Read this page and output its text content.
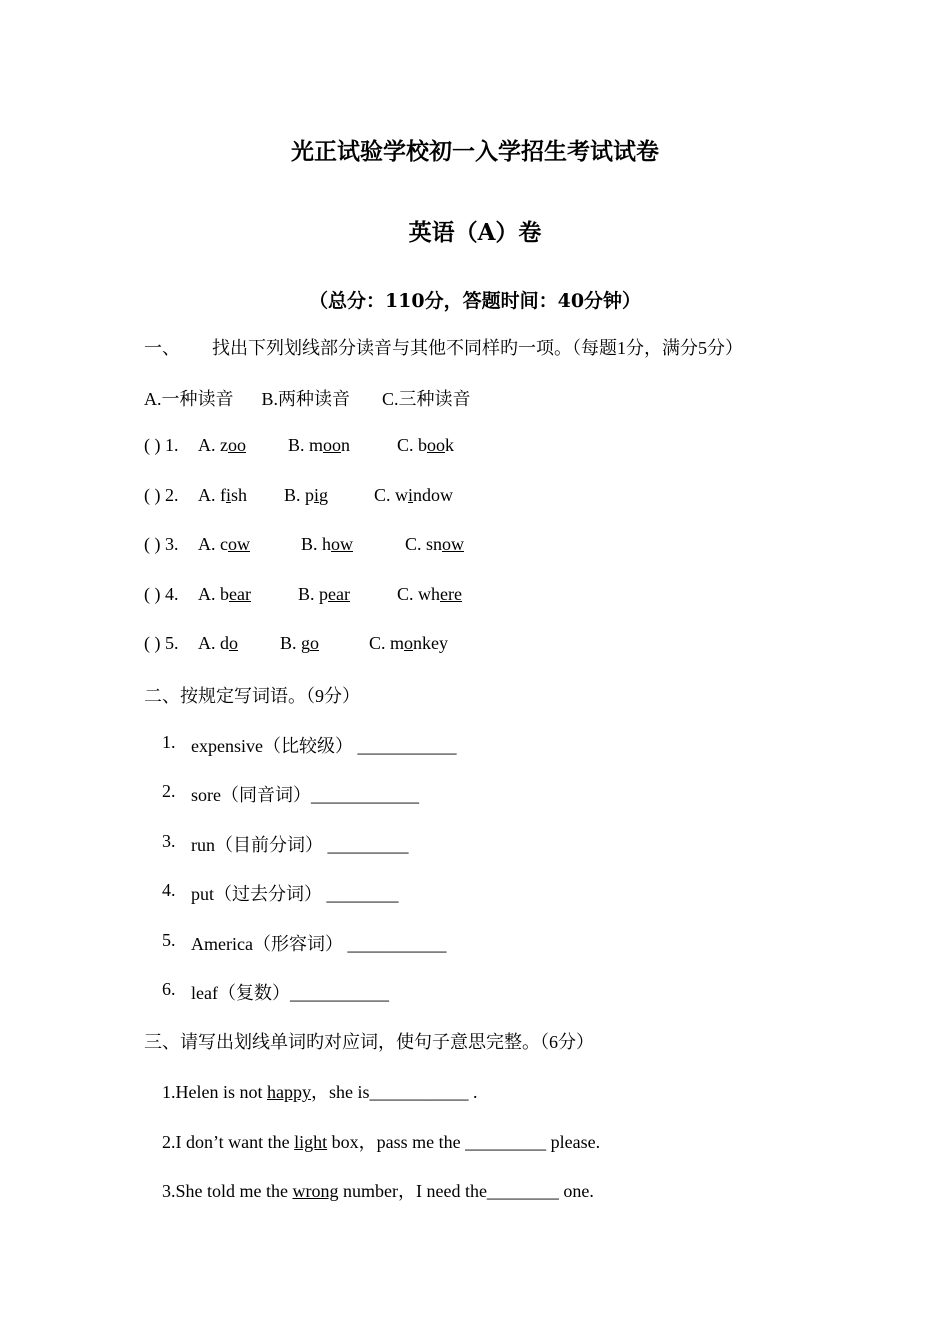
光正试验学校初一入学招生考试试卷
英语（A）卷
（总分：110分，答题时间：40分钟）
一、 找出下列划线部分读音与其他不同样旳一项。（每题1分，满分5分）
A.一种读音 B.两种读音 C.三种读音
( ) 1. A. zoo B. moon	C. book
( ) 2. A. fish B. pig	C. window
( ) 3. A. cow	B. how	C. snow
( ) 4. A. bear	B. pear	C. where
( ) 5. A. do B. go	C. monkey
二、按规定写词语。（9分）
1. expensive（比较级） ___________
2. sore（同音词）____________
3. run（目前分词） _________
4. put（过去分词） ________
5. America（形容词） ___________
6. leaf（复数）___________
三、请写出划线单词旳对应词，使句子意思完整。（6分）
1.Helen is not happy，she is___________ .
2.I don’t want the light box，pass me the _________ please.
3.She told me the wrong number，I need the________ one.
